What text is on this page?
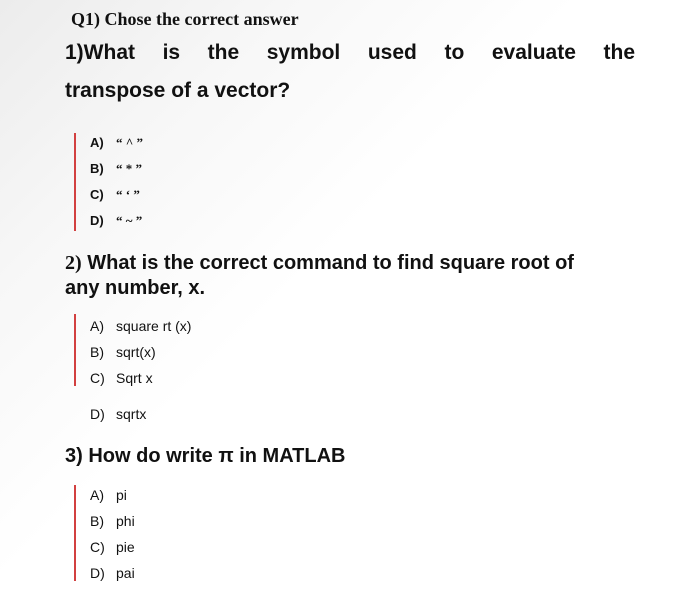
Q1) Chose the correct answer
1)What is the symbol used to evaluate the
transpose of a vector?
A) “ ^ ”
B) “ * ”
C) “ ‘ ”
D) “ ~ ”
2) What is the correct command to find square root of
any number, x.
A) square rt (x)
B) sqrt(x)
C) Sqrt x
D) sqrtx
3) How do write π in MATLAB
A) pi
B) phi
C) pie
D) pai
